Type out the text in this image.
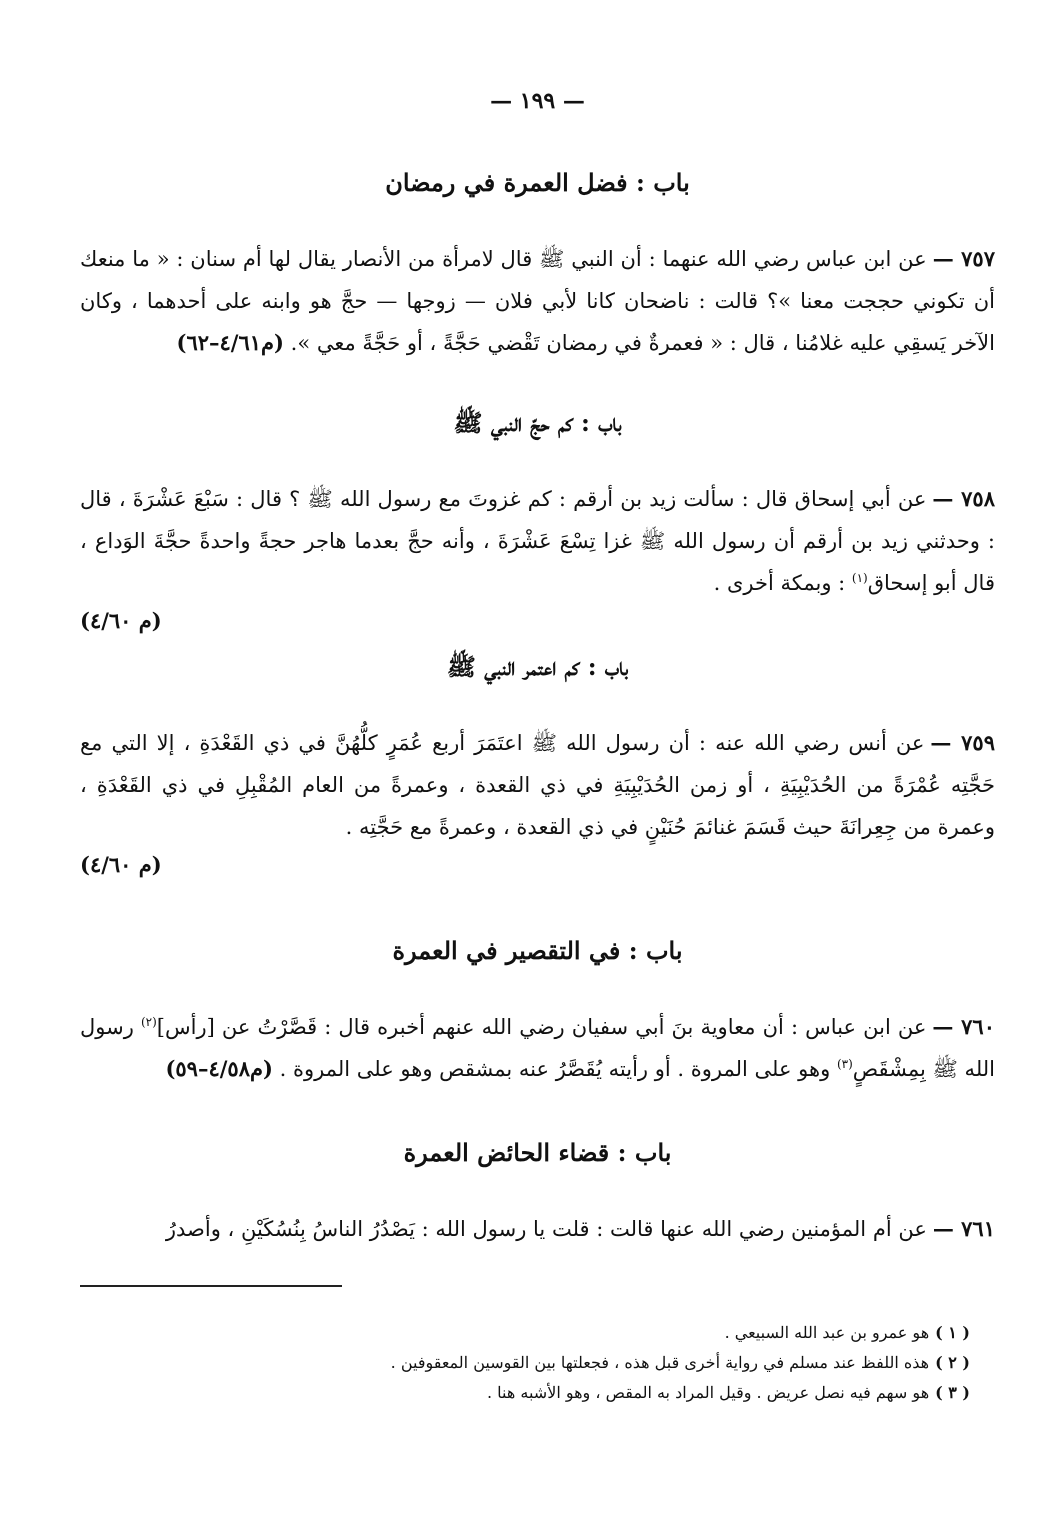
— ١٩٩ —
باب : فضل العمرة في رمضان
٧٥٧ —عن ابن عباس رضي الله عنهما : أن النبي ﷺ قال لامرأة من الأنصار يقال لها أم سنان : « ما منعك أن تكوني حججت معنا »؟ قالت : ناضحان كانا لأبي فلان — زوجها — حجَّ هو وابنه على أحدهما ، وكان الآخر يَسقِي عليه غلامُنا ، قال : « فعمرةٌ في رمضان تَقْضي حَجَّةً ، أو حَجَّةً معي ». (م٤/٦١–٦٢)
باب : كم حجّ النبي ﷺ
٧٥٨ —عن أبي إسحاق قال : سألت زيد بن أرقم : كم غزوتَ مع رسول الله ﷺ ؟ قال : سَبْعَ عَشْرَةَ ، قال : وحدثني زيد بن أرقم أن رسول الله ﷺ غزا تِسْعَ عَشْرَةَ ، وأنه حجَّ بعدما هاجر حجةً واحدةً حجَّةَ الوَداع ، قال أبو إسحاق$^{(١)}$ : وبمكة أخرى .
(م ٤/٦٠)
باب : كم اعتمر النبي ﷺ
٧٥٩ —عن أنس رضي الله عنه : أن رسول الله ﷺ اعتَمَرَ أربع عُمَرٍ كلُّهُنَّ في ذي القَعْدَةِ ، إلا التي مع حَجَّتِه عُمْرَةً من الحُدَيْبِيَةِ ، أو زمن الحُدَيْبِيَةِ في ذي القعدة ، وعمرةً من العام المُقْبِلِ في ذي القَعْدَةِ ، وعمرة من جِعِرانَةَ حيث قَسَمَ غنائمَ حُنَيْنٍ في ذي القعدة ، وعمرةً مع حَجَّتِه .
(م ٤/٦٠)
باب : في التقصير في العمرة
٧٦٠ —عن ابن عباس : أن معاوية بنَ أبي سفيان رضي الله عنهم أخبره قال : قَصَّرْتُ عن [رأس]$^{(٢)}$ رسول الله ﷺ بِمِشْقَصٍ$^{(٣)}$ وهو على المروة . أو رأيته يُقَصَّرُ عنه بمشقص وهو على المروة . (م٤/٥٨–٥٩)
باب : قضاء الحائض العمرة
٧٦١ —عن أم المؤمنين رضي الله عنها قالت : قلت يا رسول الله : يَصْدُرُ الناسُ بِنُسُكَيْنِ ، وأصدرُ
( ١ )هو عمرو بن عبد الله السبيعي .
( ٢ )هذه اللفظ عند مسلم في رواية أخرى قبل هذه ، فجعلتها بين القوسين المعقوفين .
( ٣ )هو سهم فيه نصل عريض . وقيل المراد به المقص ، وهو الأشبه هنا .
